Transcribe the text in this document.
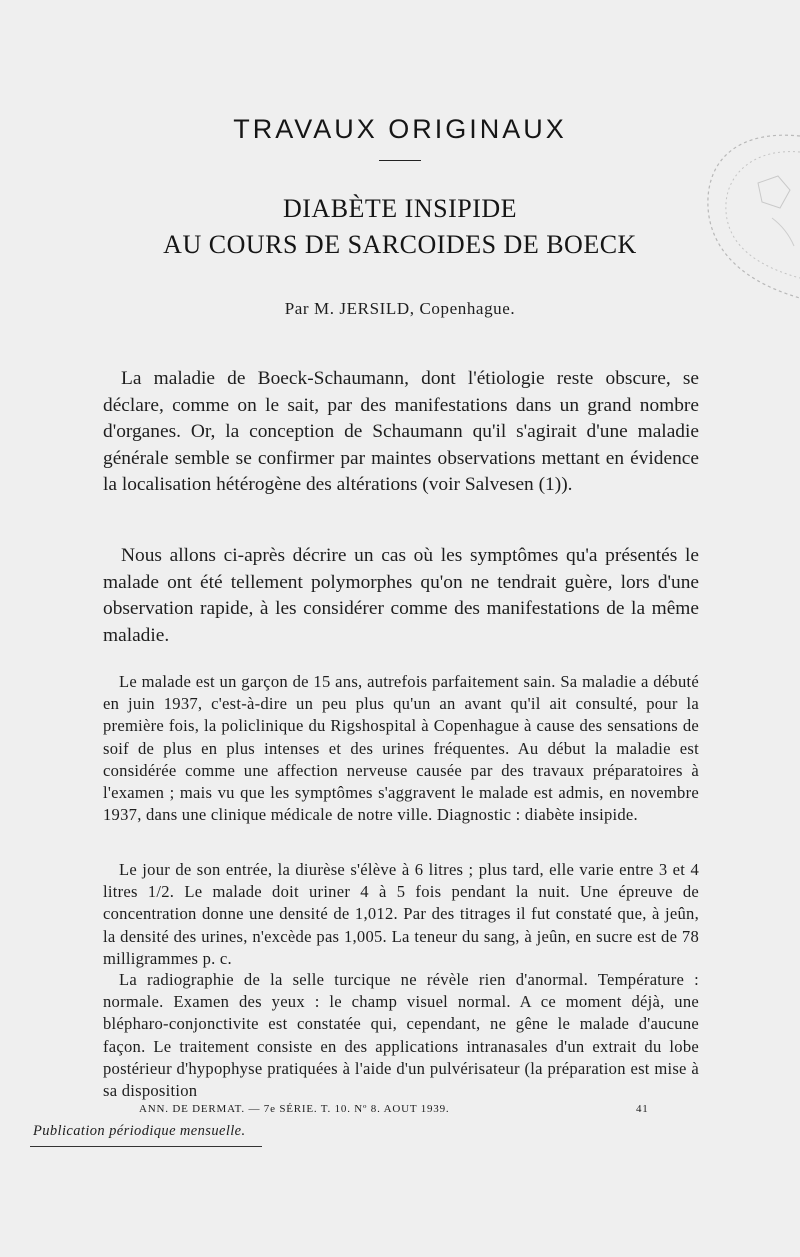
TRAVAUX ORIGINAUX
DIABÈTE INSIPIDE
AU COURS DE SARCOIDES DE BOECK
Par M. JERSILD, Copenhague.

La maladie de Boeck-Schaumann, dont l'étiologie reste obscure, se déclare, comme on le sait, par des manifestations dans un grand nombre d'organes. Or, la conception de Schaumann qu'il s'agirait d'une maladie générale semble se confirmer par maintes observations mettant en évidence la localisation hétérogène des altérations (voir Salvesen (1)).

Nous allons ci-après décrire un cas où les symptômes qu'a présentés le malade ont été tellement polymorphes qu'on ne tendrait guère, lors d'une observation rapide, à les considérer comme des manifestations de la même maladie.

Le malade est un garçon de 15 ans, autrefois parfaitement sain. Sa maladie a débuté en juin 1937, c'est-à-dire un peu plus qu'un an avant qu'il ait consulté, pour la première fois, la policlinique du Rigshospital à Copenhague à cause des sensations de soif de plus en plus intenses et des urines fréquentes. Au début la maladie est considérée comme une affection nerveuse causée par des travaux préparatoires à l'examen ; mais vu que les symptômes s'aggravent le malade est admis, en novembre 1937, dans une clinique médicale de notre ville. Diagnostic : diabète insipide.

Le jour de son entrée, la diurèse s'élève à 6 litres ; plus tard, elle varie entre 3 et 4 litres 1/2. Le malade doit uriner 4 à 5 fois pendant la nuit. Une épreuve de concentration donne une densité de 1,012. Par des titrages il fut constaté que, à jeûn, la densité des urines, n'excède pas 1,005. La teneur du sang, à jeûn, en sucre est de 78 milligrammes p. c.

La radiographie de la selle turcique ne révèle rien d'anormal. Température : normale. Examen des yeux : le champ visuel normal. A ce moment déjà, une blépharo-conjonctivite est constatée qui, cependant, ne gêne le malade d'aucune façon. Le traitement consiste en des applications intranasales d'un extrait du lobe postérieur d'hypophyse pratiquées à l'aide d'un pulvérisateur (la préparation est mise à sa disposition

ANN. DE DERMAT. — 7e SÉRIE. T. 10. Nº 8. AOUT 1939.	41
Publication périodique mensuelle.
